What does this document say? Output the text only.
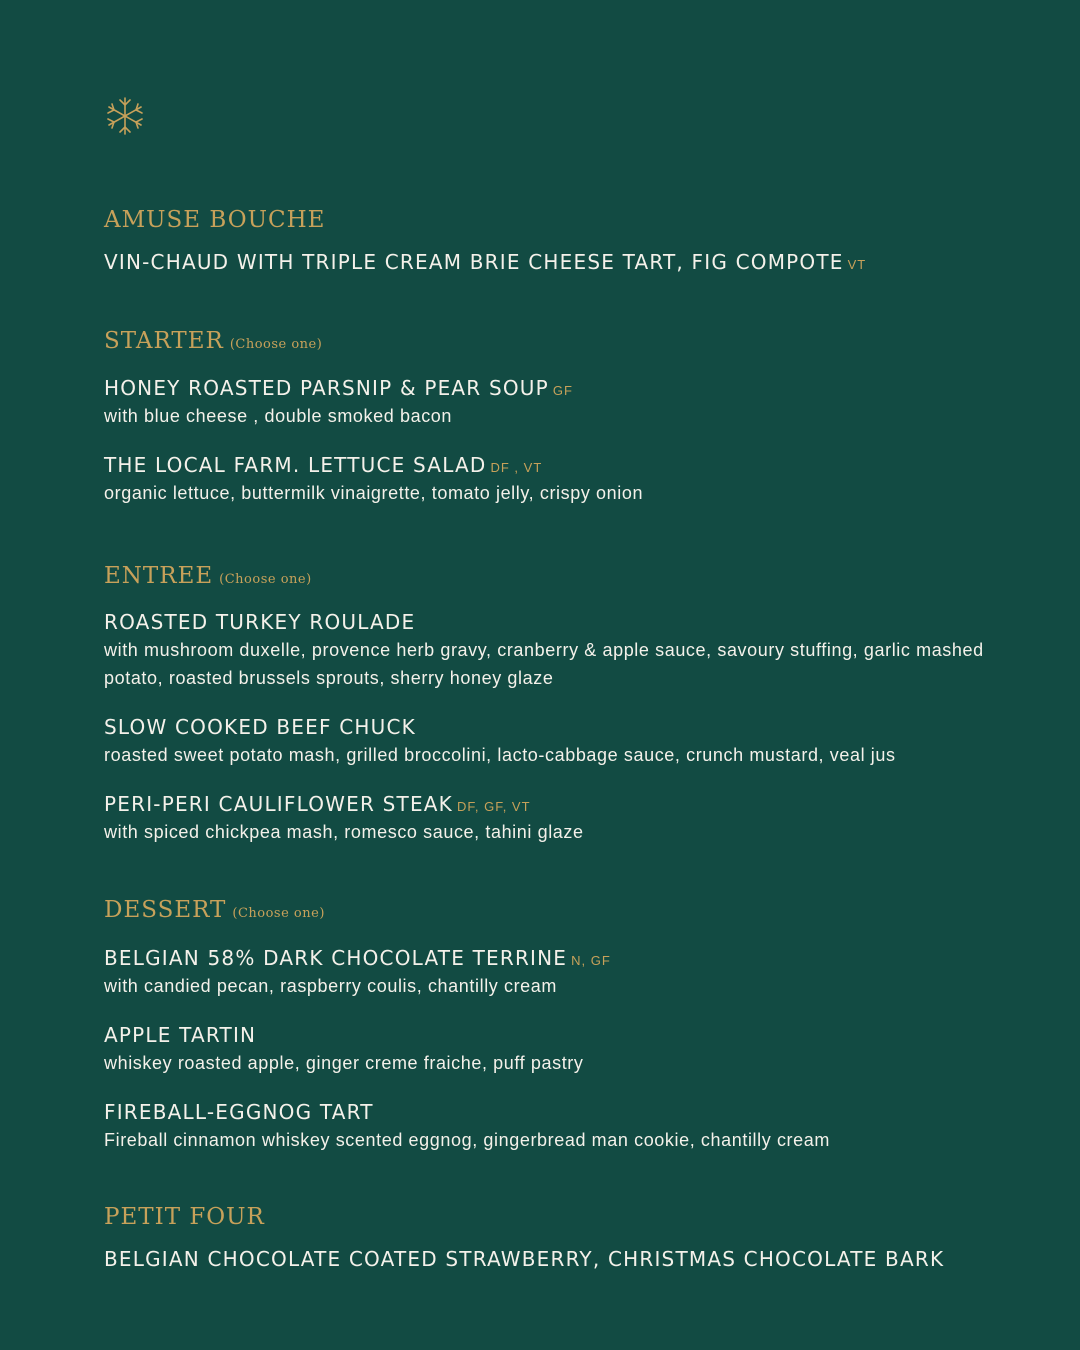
AMUSE BOUCHE

VIN-CHAUD WITH TRIPLE CREAM BRIE CHEESE TART, FIG COMPOTE VT

STARTER (Choose one)

HONEY ROASTED PARSNIP & PEAR SOUP GF
with blue cheese , double smoked bacon
THE LOCAL FARM. LETTUCE SALAD DF , VT
organic lettuce, buttermilk vinaigrette, tomato jelly, crispy onion

ENTREE (Choose one)

ROASTED TURKEY ROULADE
with mushroom duxelle, provence herb gravy, cranberry & apple sauce, savoury stuffing, garlic mashed potato, roasted brussels sprouts, sherry honey glaze
SLOW COOKED BEEF CHUCK
roasted sweet potato mash, grilled broccolini, lacto-cabbage sauce, crunch mustard, veal jus
PERI-PERI CAULIFLOWER STEAK DF, GF, VT
with spiced chickpea mash, romesco sauce, tahini glaze

DESSERT (Choose one)

BELGIAN 58% DARK CHOCOLATE TERRINE N, GF
with candied pecan, raspberry coulis, chantilly cream
APPLE TARTIN
whiskey roasted apple, ginger creme fraiche, puff pastry
FIREBALL-EGGNOG TART
Fireball cinnamon whiskey scented eggnog, gingerbread man cookie, chantilly cream

PETIT FOUR

BELGIAN CHOCOLATE COATED STRAWBERRY, CHRISTMAS CHOCOLATE BARK
